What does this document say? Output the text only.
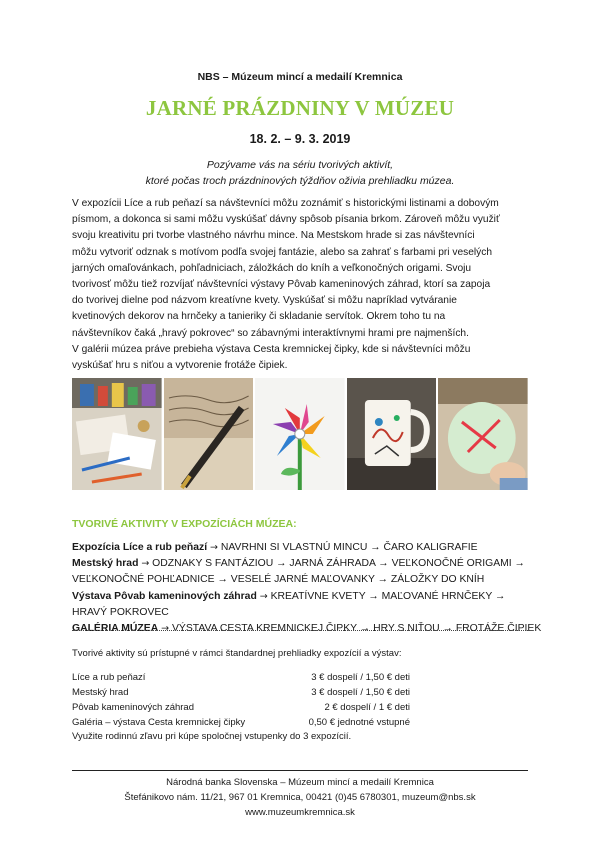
NBS – Múzeum mincí a medailí Kremnica
JARNÉ PRÁZDNINY V MÚZEU
18. 2. – 9. 3. 2019
Pozývame vás na sériu tvorivých aktivít,
ktoré počas troch prázdninových týždňov oživia prehliadku múzea.
V expozícii Líce a rub peňazí sa návštevníci môžu zoznámiť s historickými listinami a dobovým
písmom, a dokonca si sami môžu vyskúšať dávny spôsob písania brkom. Zároveň môžu využiť
svoju kreativitu pri tvorbe vlastného návrhu mince. Na Mestskom hrade si zas návštevníci
môžu vytvoriť odznak s motívom podľa svojej fantázie, alebo sa zahrať s farbami pri veselých
jarných omaľovánkach, pohľadniciach, záložkách do kníh a veľkonočných origami. Svoju
tvorivosť môžu tiež rozvíjať návštevníci výstavy Pôvab kameninových záhrad, ktorí sa zapoja
do tvorivej dielne pod názvom kreatívne kvety. Vyskúšať si môžu napríklad vytváranie
kvetinových dekorov na hrnčeky a tanieriky či skladanie servítok. Okrem toho tu na
návštevníkov čaká „hravý pokrovec“ so zábavnými interaktívnymi hrami pre najmenších.
V galérii múzea práve prebieha výstava Cesta kremnickej čipky, kde si návštevníci môžu
vyskúšať hru s niťou a vytvorenie frotáže čipiek.
TVORIVÉ AKTIVITY V EXPOZÍCIÁCH MÚZEA:
Expozícia Líce a rub peňazí → NAVRHNI SI VLASTNÚ MINCU → ČARO KALIGRAFIE
Mestský hrad → ODZNAKY S FANTÁZIOU → JARNÁ ZÁHRADA → VEĽKONOČNÉ ORIGAMI →
VEĽKONOČNÉ POHĽADNICE → VESELÉ JARNÉ MAĽOVANKY → ZÁLOŽKY DO KNÍH
Výstava Pôvab kameninových záhrad → KREATÍVNE KVETY → MAĽOVANÉ HRNČEKY →
HRAVÝ POKROVEC
GALÉRIA MÚZEA → VÝSTAVA CESTA KREMNICKEJ ČIPKY → HRY S NIŤOU → FROTÁŽE ČIPIEK
Tvorivé aktivity sú prístupné v rámci štandardnej prehliadky expozícií a výstav:
Líce a rub peňazí	3 € dospelí / 1,50 € deti
Mestský hrad	3 € dospelí / 1,50 € deti
Pôvab kameninových záhrad	2 € dospelí / 1 € deti
Galéria – výstava Cesta kremnickej čipky	0,50 € jednotné vstupné
Využite rodinnú zľavu pri kúpe spoločnej vstupenky do 3 expozícií.
Národná banka Slovenska – Múzeum mincí a medailí Kremnica
Štefánikovo nám. 11/21, 967 01 Kremnica, 00421 (0)45 6780301, muzeum@nbs.sk
www.muzeumkremnica.sk
